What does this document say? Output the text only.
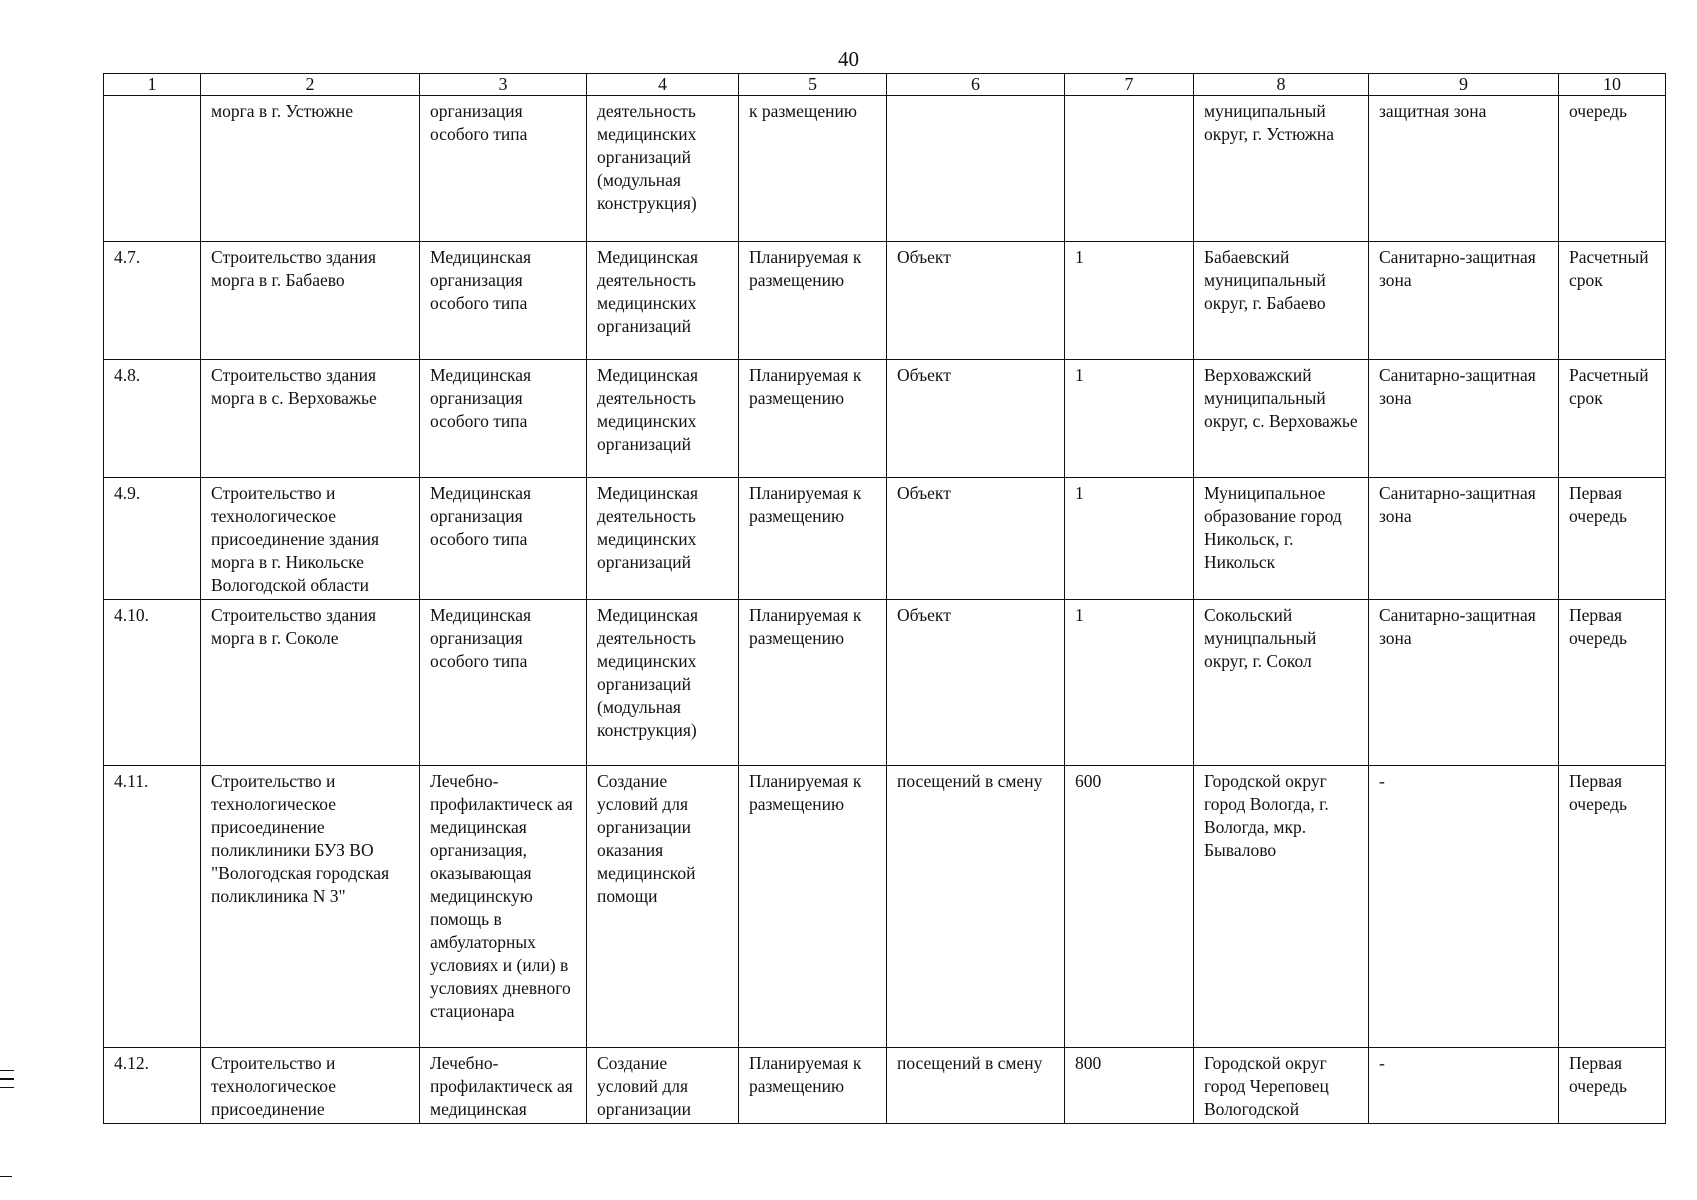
40
1	2	3	4	5	6	7	8	9	10
	морга в г. Устюжне	организация особого типа	деятельность медицинских организаций (модульная конструкция)	к размещению			муниципальный округ, г. Устюжна	защитная зона	очередь
4.7.	Строительство здания морга в г. Бабаево	Медицинская организация особого типа	Медицинская деятельность медицинских организаций	Планируемая к размещению	Объект	1	Бабаевский муниципальный округ, г. Бабаево	Санитарно-защитная зона	Расчетный срок
4.8.	Строительство здания морга в с. Верховажье	Медицинская организация особого типа	Медицинская деятельность медицинских организаций	Планируемая к размещению	Объект	1	Верховажский муниципальный округ, с. Верховажье	Санитарно-защитная зона	Расчетный срок
4.9.	Строительство и технологическое присоединение здания морга в г. Никольске Вологодской области	Медицинская организация особого типа	Медицинская деятельность медицинских организаций	Планируемая к размещению	Объект	1	Муниципальное образование город Никольск, г. Никольск	Санитарно-защитная зона	Первая очередь
4.10.	Строительство здания морга в г. Соколе	Медицинская организация особого типа	Медицинская деятельность медицинских организаций (модульная конструкция)	Планируемая к размещению	Объект	1	Сокольский муницпальный округ, г. Сокол	Санитарно-защитная зона	Первая очередь
4.11.	Строительство и технологическое присоединение поликлиники БУЗ ВО "Вологодская городская поликлиника N 3"	Лечебно-профилактическ ая медицинская организация, оказывающая медицинскую помощь в амбулаторных условиях и (или) в условиях дневного стационара	Создание условий для организации оказания медицинской помощи	Планируемая к размещению	посещений в смену	600	Городской округ город Вологда, г. Вологда, мкр. Бывалово	-	Первая очередь
4.12.	Строительство и технологическое присоединение	Лечебно-профилактическ ая медицинская	Создание условий для организации	Планируемая к размещению	посещений в смену	800	Городской округ город Череповец Вологодской	-	Первая очередь
